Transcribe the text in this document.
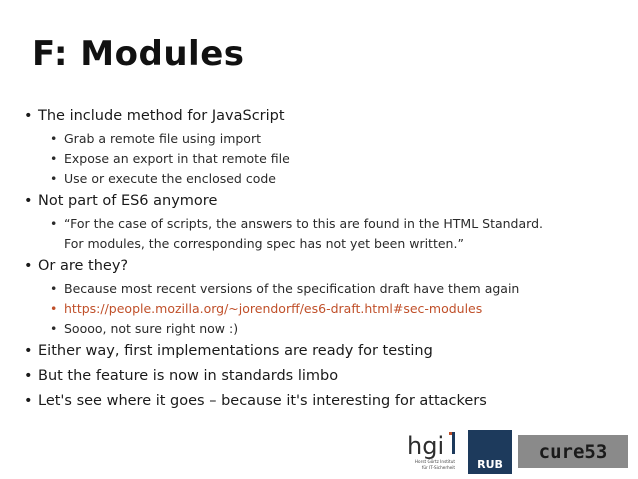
F: Modules
• The include method for JavaScript
• Grab a remote file using import
• Expose an export in that remote file
• Use or execute the enclosed code
• Not part of ES6 anymore
• “For the case of scripts, the answers to this are found in the HTML Standard.
For modules, the corresponding spec has not yet been written.”
• Or are they?
• Because most recent versions of the specification draft have them again
• https://people.mozilla.org/~jorendorff/es6-draft.html#sec-modules
• Soooo, not sure right now :)
• Either way, first implementations are ready for testing
• But the feature is now in standards limbo
• Let's see where it goes – because it's interesting for attackers
hgi
Horst Görtz Institut
für IT-Sicherheit RUB
cure53
